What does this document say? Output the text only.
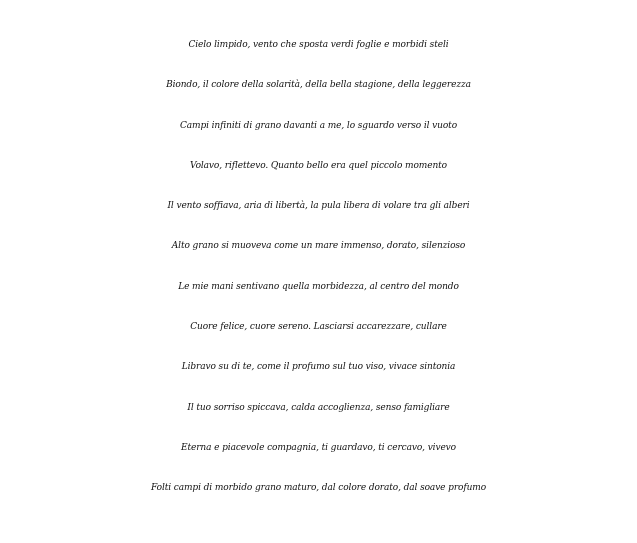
Cielo limpido, vento che sposta verdi foglie e morbidi steli
Biondo, il colore della solarità, della bella stagione, della leggerezza
Campi infiniti di grano davanti a me, lo sguardo verso il vuoto
Volavo, riflettevo. Quanto bello era quel piccolo momento
Il vento soffiava, aria di libertà, la pula libera di volare tra gli alberi
Alto grano si muoveva come un mare immenso, dorato, silenzioso
Le mie mani sentivano quella morbidezza, al centro del mondo
Cuore felice, cuore sereno. Lasciarsi accarezzare, cullare
Libravo su di te, come il profumo sul tuo viso, vivace sintonia
Il tuo sorriso spiccava, calda accoglienza, senso famigliare
Eterna e piacevole compagnia, ti guardavo, ti cercavo, vivevo
Folti campi di morbido grano maturo, dal colore dorato, dal soave profumo
